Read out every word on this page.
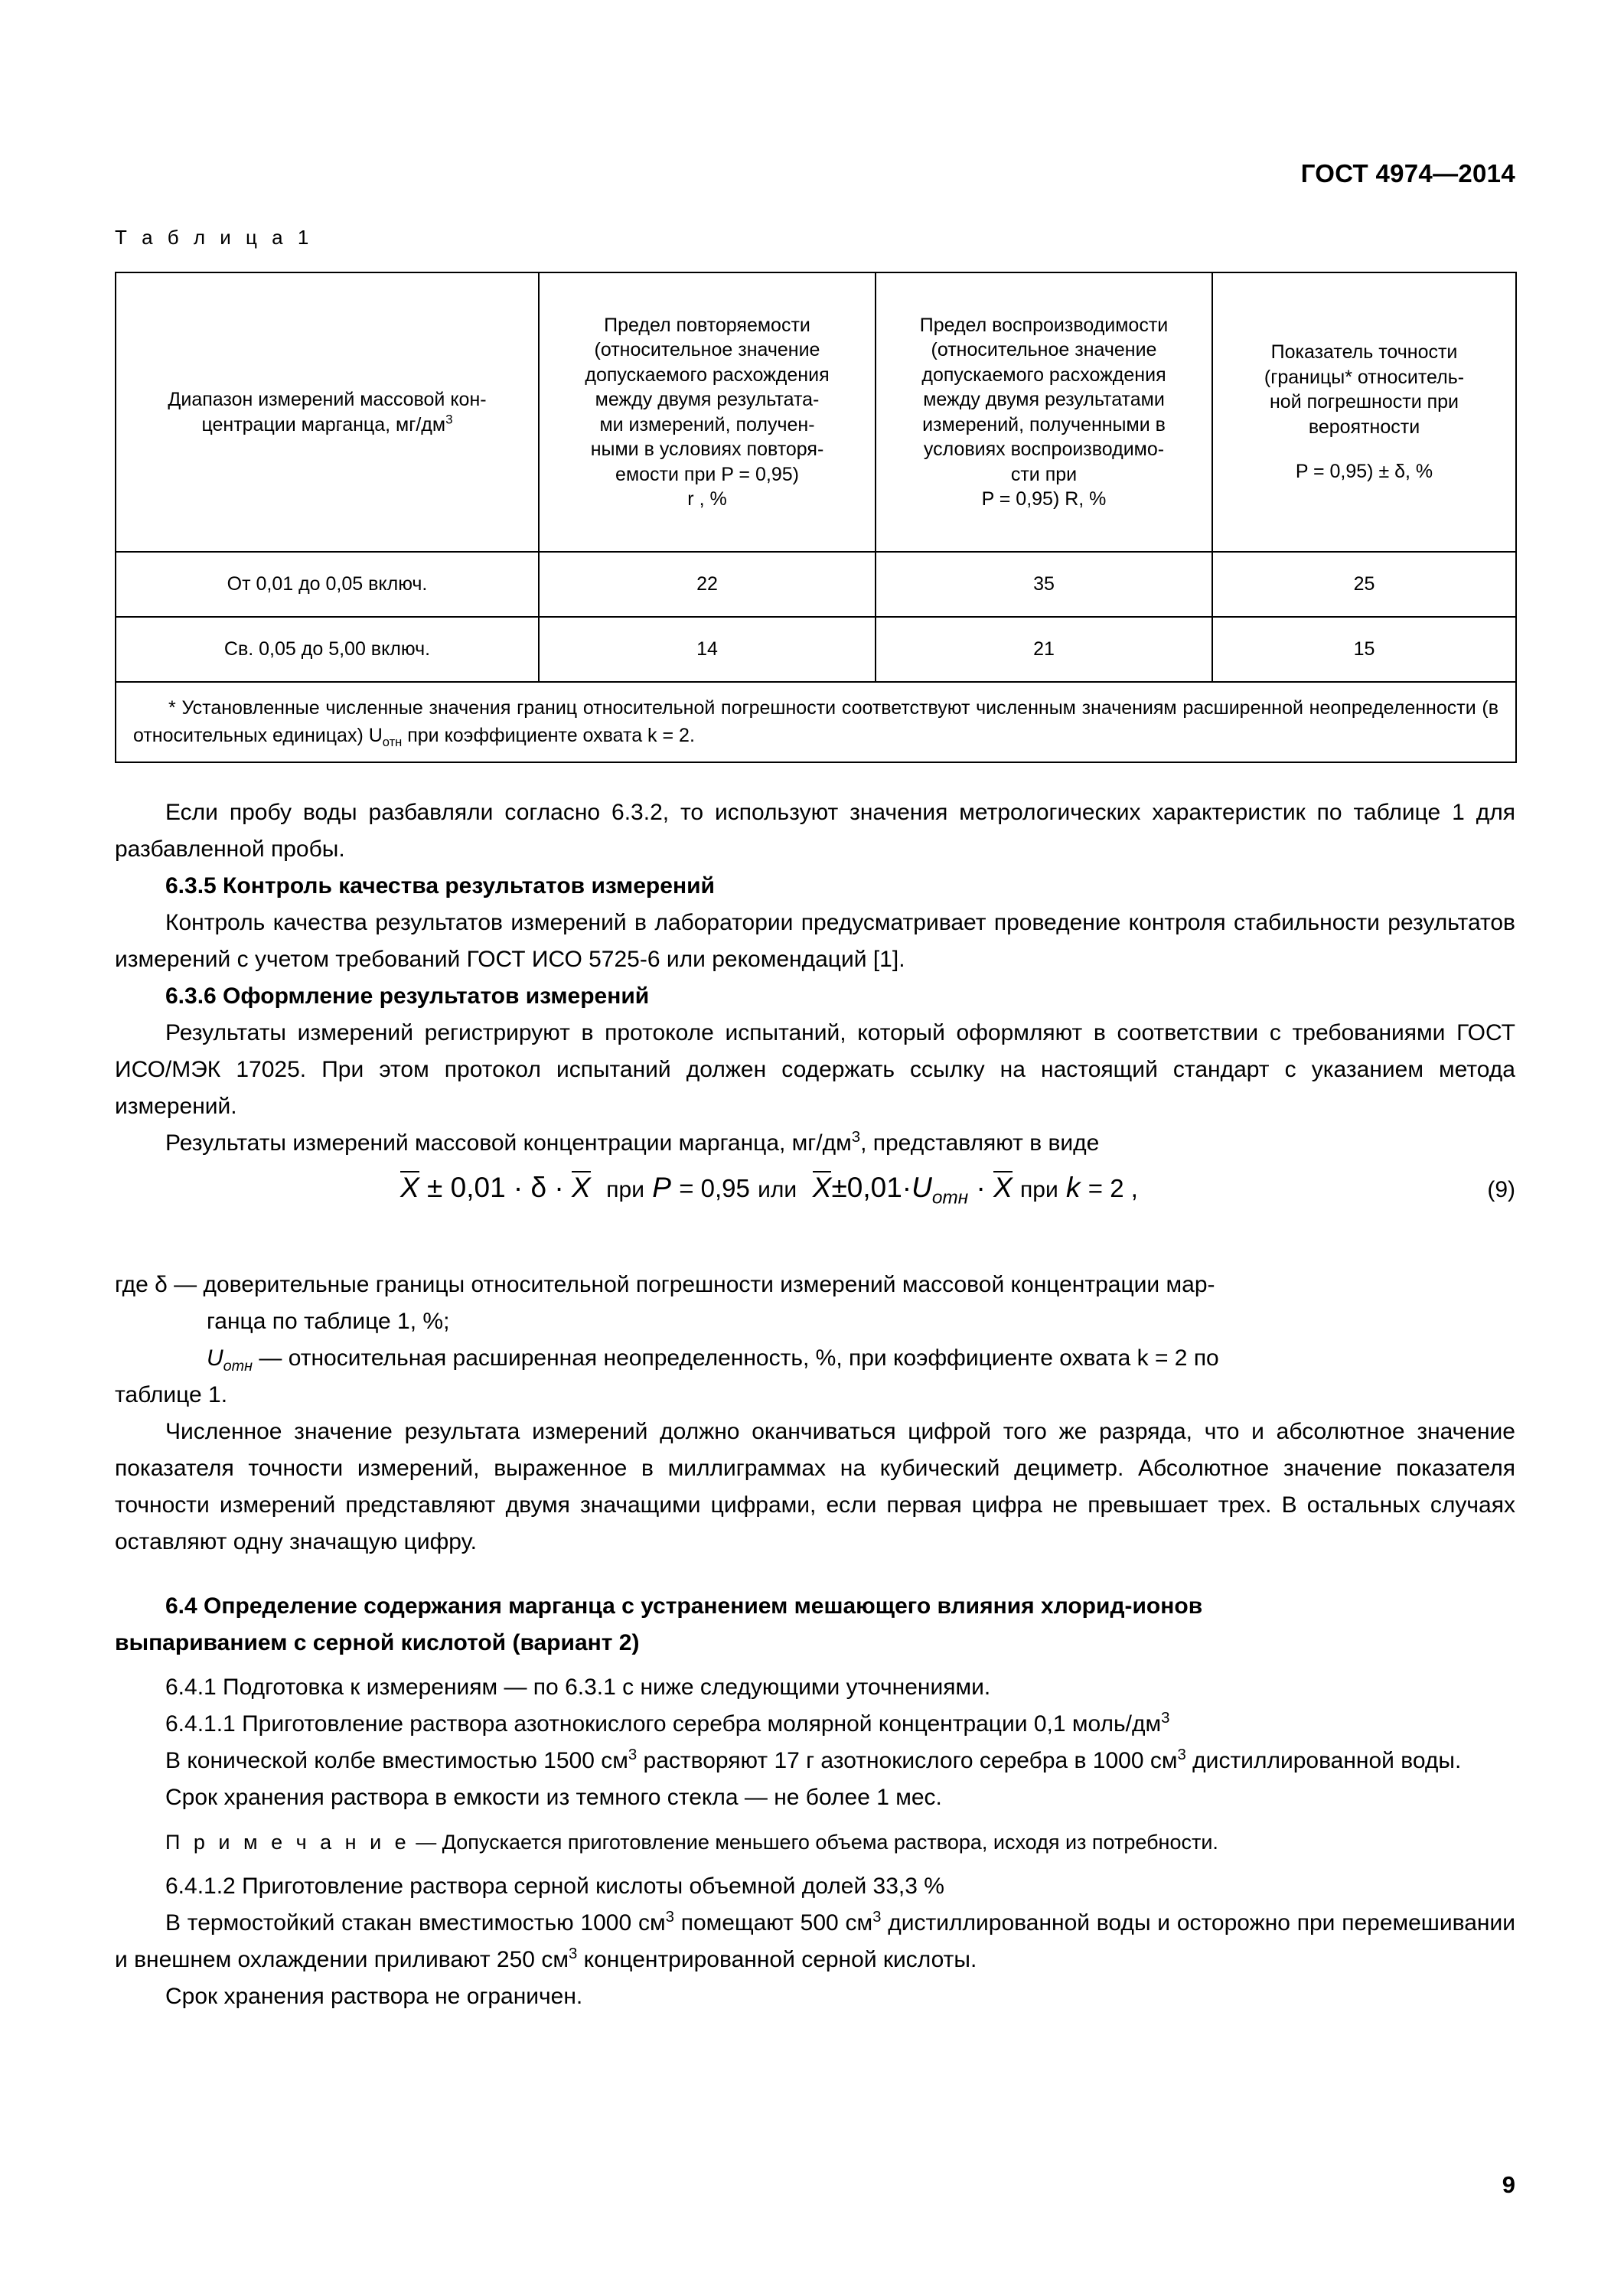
ГОСТ 4974—2014
Т а б л и ц а 1
Диапазон измерений массовой кон-
центрации марганца, $мг/дм^3$	Предел повторяемости
(относительное значение
допускаемого расхождения
между двумя результата-
ми измерений, получен-
ными в условиях повторя-
емости при P = 0,95)
r , %	Предел воспроизводимости
(относительное значение
допускаемого расхождения
между двумя результатами
измерений, полученными в
условиях воспроизводимо-
сти при
P = 0,95) R, %	Показатель точности
(границы* относитель-
ной погрешности при
вероятности
P = 0,95) ± δ, %
От 0,01 до 0,05 включ.	22	35	25
Св. 0,05 до 5,00 включ.	14	21	15
* Установленные численные значения границ относительной погрешности соответствуют численным значениям расширенной неопределенности (в относительных единицах) $U_{отн}$ при коэффициенте охвата k = 2.			

Если пробу воды разбавляли согласно 6.3.2, то используют значения метрологических характеристик по таблице 1 для разбавленной пробы.

6.3.5 Контроль качества результатов измерений

Контроль качества результатов измерений в лаборатории предусматривает проведение контроля стабильности результатов измерений с учетом требований ГОСТ ИСО 5725-6 или рекомендаций [1].

6.3.6 Оформление результатов измерений

Результаты измерений регистрируют в протоколе испытаний, который оформляют в соответствии с требованиями ГОСТ ИСО/МЭК 17025. При этом протокол испытаний должен содержать ссылку на настоящий стандарт с указанием метода измерений.

Результаты измерений массовой концентрации марганца, $мг/дм^3$, представляют в виде

X ± 0,01 · δ · X при P = 0,95 или $X\pm 0,01\cdot U_{отн} \cdot X$ при k = 2 ,	(9)

где δ — доверительные границы относительной погрешности измерений массовой концентрации мар-

ганца по таблице 1, %;

$U_{отн}$ — относительная расширенная неопределенность, %, при коэффициенте охвата k = 2 по

таблице 1.

Численное значение результата измерений должно оканчиваться цифрой того же разряда, что и абсолютное значение показателя точности измерений, выраженное в миллиграммах на кубический дециметр. Абсолютное значение показателя точности измерений представляют двумя значащими цифрами, если первая цифра не превышает трех. В остальных случаях оставляют одну значащую цифру.

6.4 Определение содержания марганца с устранением мешающего влияния хлорид-ионов

выпариванием с серной кислотой (вариант 2)

6.4.1 Подготовка к измерениям — по 6.3.1 с ниже следующими уточнениями.

6.4.1.1 Приготовление раствора азотнокислого серебра молярной концентрации 0,1 моль/$дм^3$

В конической колбе вместимостью 1500 $см^3$ растворяют 17 г азотнокислого серебра в 1000 $см^3$ дистиллированной воды.

Срок хранения раствора в емкости из темного стекла — не более 1 мес.

П р и м е ч а н и е — Допускается приготовление меньшего объема раствора, исходя из потребности.

6.4.1.2 Приготовление раствора серной кислоты объемной долей 33,3 %

В термостойкий стакан вместимостью 1000 $см^3$ помещают 500 $см^3$ дистиллированной воды и осторожно при перемешивании и внешнем охлаждении приливают 250 $см^3$ концентрированной серной кислоты.

Срок хранения раствора не ограничен.

9
